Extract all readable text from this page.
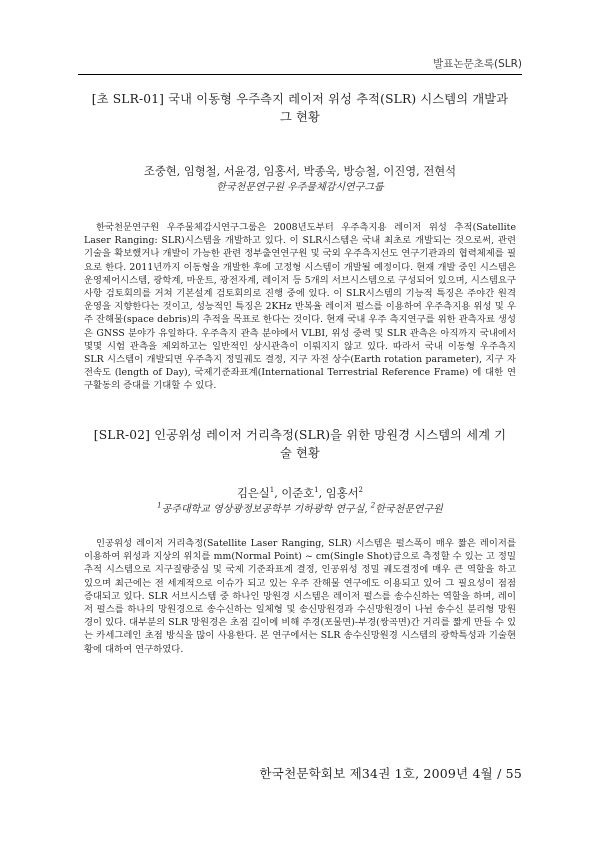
발표논문초록(SLR)
[초 SLR-01] 국내 이동형 우주측지 레이저 위성 추적(SLR) 시스템의 개발과 그 현황

조중현, 임형철, 서윤경, 임홍서, 박종욱, 방승철, 이진영, 전현석

한국천문연구원 우주물체감시연구그룹

한국천문연구원 우주물체감시연구그룹은 2008년도부터 우주측지용 레이저 위성 추적(Satellite Laser Ranging: SLR)시스템을 개발하고 있다. 이 SLR시스템은 국내 최초로 개발되는 것으로써, 관련 기술을 확보했거나 개발이 가능한 관련 정부출연연구원 및 국외 우주측지선도 연구기관과의 협력체제를 필요로 한다. 2011년까지 이동형을 개발한 후에 고정형 시스템이 개발될 예정이다. 현재 개발 중인 시스템은 운영제어시스템, 광학계, 마운트, 광전자계, 레이저 등 5개의 서브시스템으로 구성되어 있으며, 시스템요구사항 검토회의를 거쳐 기본설계 검토회의로 진행 중에 있다. 이 SLR시스템의 기능적 특징은 주야간 원격 운영을 지향한다는 것이고, 성능적인 특징은 2KHz 반복율 레이저 펄스를 이용하여 우주측지용 위성 및 우주 잔해물(space debris)의 추적을 목표로 한다는 것이다. 현재 국내 우주 측지연구를 위한 관측자료 생성은 GNSS 분야가 유일하다. 우주측지 관측 분야에서 VLBI, 위성 중력 및 SLR 관측은 아직까지 국내에서 몇몇 시험 관측을 제외하고는 일반적인 상시관측이 이뤄지지 않고 있다. 따라서 국내 이동형 우주측지 SLR 시스템이 개발되면 우주측지 정밀궤도 결정, 지구 자전 상수(Earth rotation parameter), 지구 자전속도 (length of Day), 국제기준좌표계(International Terrestrial Reference Frame) 에 대한 연구활동의 증대를 기대할 수 있다.

[SLR-02] 인공위성 레이저 거리측정(SLR)을 위한 망원경 시스템의 세계 기술 현황

김은실$^1$, 이준호$^1$, 임홍서$^2$

$^1$공주대학교 영상광정보공학부 기하광학 연구실, $^2$한국천문연구원

인공위성 레이저 거리측정(Satellite Laser Ranging, SLR) 시스템은 펄스폭이 매우 짧은 레이저를 이용하여 위성과 지상의 위치를 mm(Normal Point) ~ cm(Single Shot)급으로 측정할 수 있는 고 정밀 추적 시스템으로 지구질량중심 및 국제 기준좌표계 결정, 인공위성 정밀 궤도결정에 매우 큰 역할을 하고 있으며 최근에는 전 세계적으로 이슈가 되고 있는 우주 잔해물 연구에도 이용되고 있어 그 필요성이 점점 증대되고 있다. SLR 서브시스템 중 하나인 망원경 시스템은 레이저 펄스를 송수신하는 역할을 하며, 레이저 펄스를 하나의 망원경으로 송수신하는 일체형 및 송신망원경과 수신망원경이 나뉜 송수신 분리형 망원경이 있다. 대부분의 SLR 망원경은 초점 길이에 비해 주경(포물면)-부경(쌍곡면)간 거리를 짧게 만들 수 있는 카세그레인 초점 방식을 많이 사용한다. 본 연구에서는 SLR 송수신망원경 시스템의 광학특성과 기술현황에 대하여 연구하였다.

한국천문학회보 제34권 1호, 2009년 4월 / 55
